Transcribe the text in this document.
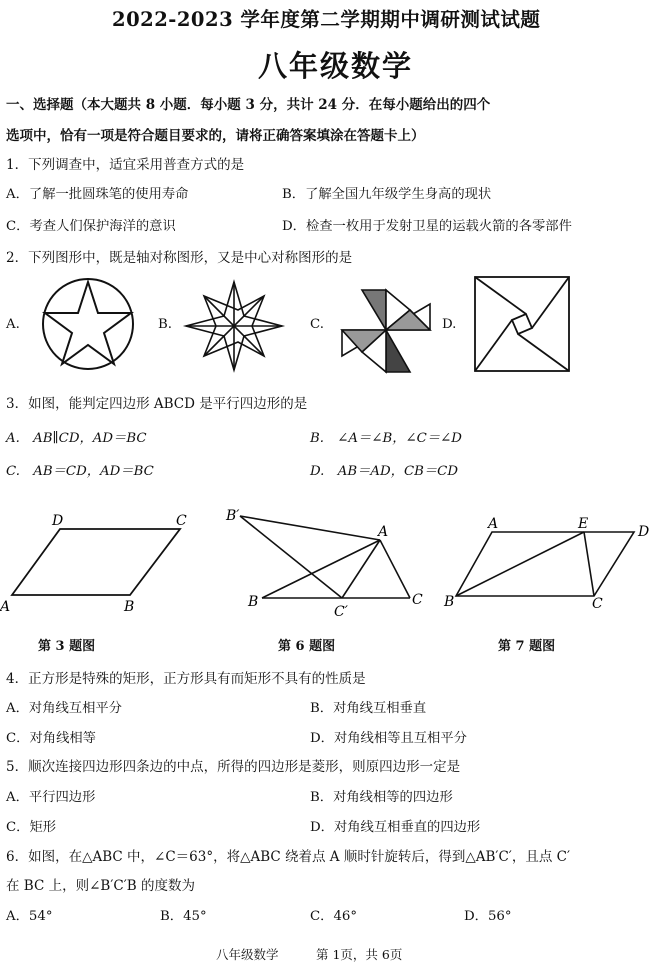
2022-2023 学年度第二学期期中调研测试试题
八年级数学
一、选择题（本大题共 8 小题．每小题 3 分，共计 24 分．在每小题给出的四个
选项中，恰有一项是符合题目要求的，请将正确答案填涂在答题卡上）
1．下列调查中，适宜采用普查方式的是
A．了解一批圆珠笔的使用寿命	B．了解全国九年级学生身高的现状
C．考查人们保护海洋的意识	D．检查一枚用于发射卫星的运载火箭的各零部件
2．下列图形中，既是轴对称图形，又是中心对称图形的是
A.	B.	C.	D.
3．如图，能判定四边形 ABCD 是平行四边形的是
A.　AB∥CD，AD＝BC	B.　∠A＝∠B，∠C＝∠D
C.　AB＝CD，AD＝BC	D.　AB＝AD，CB＝CD
D	C
A	B
第 3 题图
B′
A
B
C′
C
第 6 题图
A	E	D
B	C
第 7 题图
4．正方形是特殊的矩形，正方形具有而矩形不具有的性质是
A．对角线互相平分	B．对角线互相垂直
C．对角线相等	D．对角线相等且互相平分
5．顺次连接四边形四条边的中点，所得的四边形是菱形，则原四边形一定是
A．平行四边形	B．对角线相等的四边形
C．矩形	D．对角线互相垂直的四边形
6．如图，在△ABC 中，∠C＝63°，将△ABC 绕着点 A 顺时针旋转后，得到△AB′C′，且点 C′
在 BC 上，则∠B′C′B 的度数为
A．54°	B．45°	C．46°	D．56°
八年级数学	第 1页，共 6页
